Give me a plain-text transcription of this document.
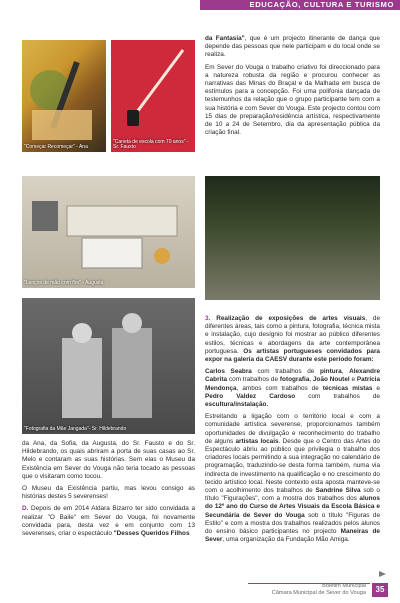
EDUCAÇÃO, CULTURA E TURISMO
"Começar Recomeçar" - Ana
"Caneta de escola com 70 anos" - Sr. Fausto
"Lenços de mão com flor" - Augusta
"Fotografia da Mãe Jangada"- Sr. Hildebrando

da Ana, da Sofia, da Augusta, do Sr. Fausto e do Sr. Hildebrando, os quais abriram a porta de suas casas ao Sr. Melo e contaram as suas histórias. Sem elas o Museu da Existência em Sever do Vouga não teria tocado as pessoas que o visitaram como tocou.

O Museu da Existência partiu, mas levou consigo as histórias destes 5 severenses!

D. Depois de em 2014 Aldara Bizarro ter sido convidada a realizar "O Baile" em Sever do Vouga, foi novamente convidada para, desta vez e em conjunto com 13 severenses, criar o espectáculo "Desses Queridos Filhos

da Fantasia", que é um projecto itinerante de dança que depende das pessoas que nele participam e do local onde se realiza.

Em Sever do Vouga o trabalho criativo foi direccionado para a natureza robusta da região e procurou conhecer as narrativas das Minas do Braçal e da Malhada em busca de estímulos para a concepção. Foi uma polifonia dançada de testemunhos da relação que o grupo participante tem com a sua história e com Sever do Vouga. Este projecto contou com 15 dias de preparação/residência artística, respectivamente de 10 a 24 de Setembro, dia da apresentação pública da criação final.

3. Realização de exposições de artes visuais, de diferentes áreas, tais como a pintura, fotografia, técnica mista e instalação, cujo desígnio foi mostrar ao público diferentes estilos, técnicas e abordagens da arte contemporânea portuguesa. Os artistas portugueses convidados para expor na galeria da CAESV durante este período foram:

Carlos Seabra com trabalhos de pintura, Alexandre Cabrita com trabalhos de fotografia, João Noutel e Patrícia Mendonça, ambos com trabalhos de técnicas mistas e Pedro Valdez Cardoso com trabalhos de escultura/instalação.

Estreitando a ligação com o território local e com a comunidade artística severense, proporcionamos também oportunidades de divulgação e reconhecimento do trabalho de alguns artistas locais. Desde que o Centro das Artes do Espectáculo abriu ao público que privilegia o trabalho dos criadores locais permitindo a sua integração no calendário de programação, traduzindo-se desta forma também, numa via indirecta de investimento na qualificação e no crescimento do tecido artístico local. Neste contexto esta aposta manteve-se com o acolhimento dos trabalhos de Sandrine Silva sob o título "Figurações", com a mostra dos trabalhos dos alunos do 12º ano do Curso de Artes Visuais da Escola Básica e Secundária de Sever do Vouga sob o título "Figuras de Estilo" e com a mostra dos trabalhos realizados pelos alunos do ensino básico participantes no projecto Maneiras de Sever, uma organização da Fundação Mão Amiga.

Boletim Municipal
Câmara Municipal de Sever do Vouga	35
